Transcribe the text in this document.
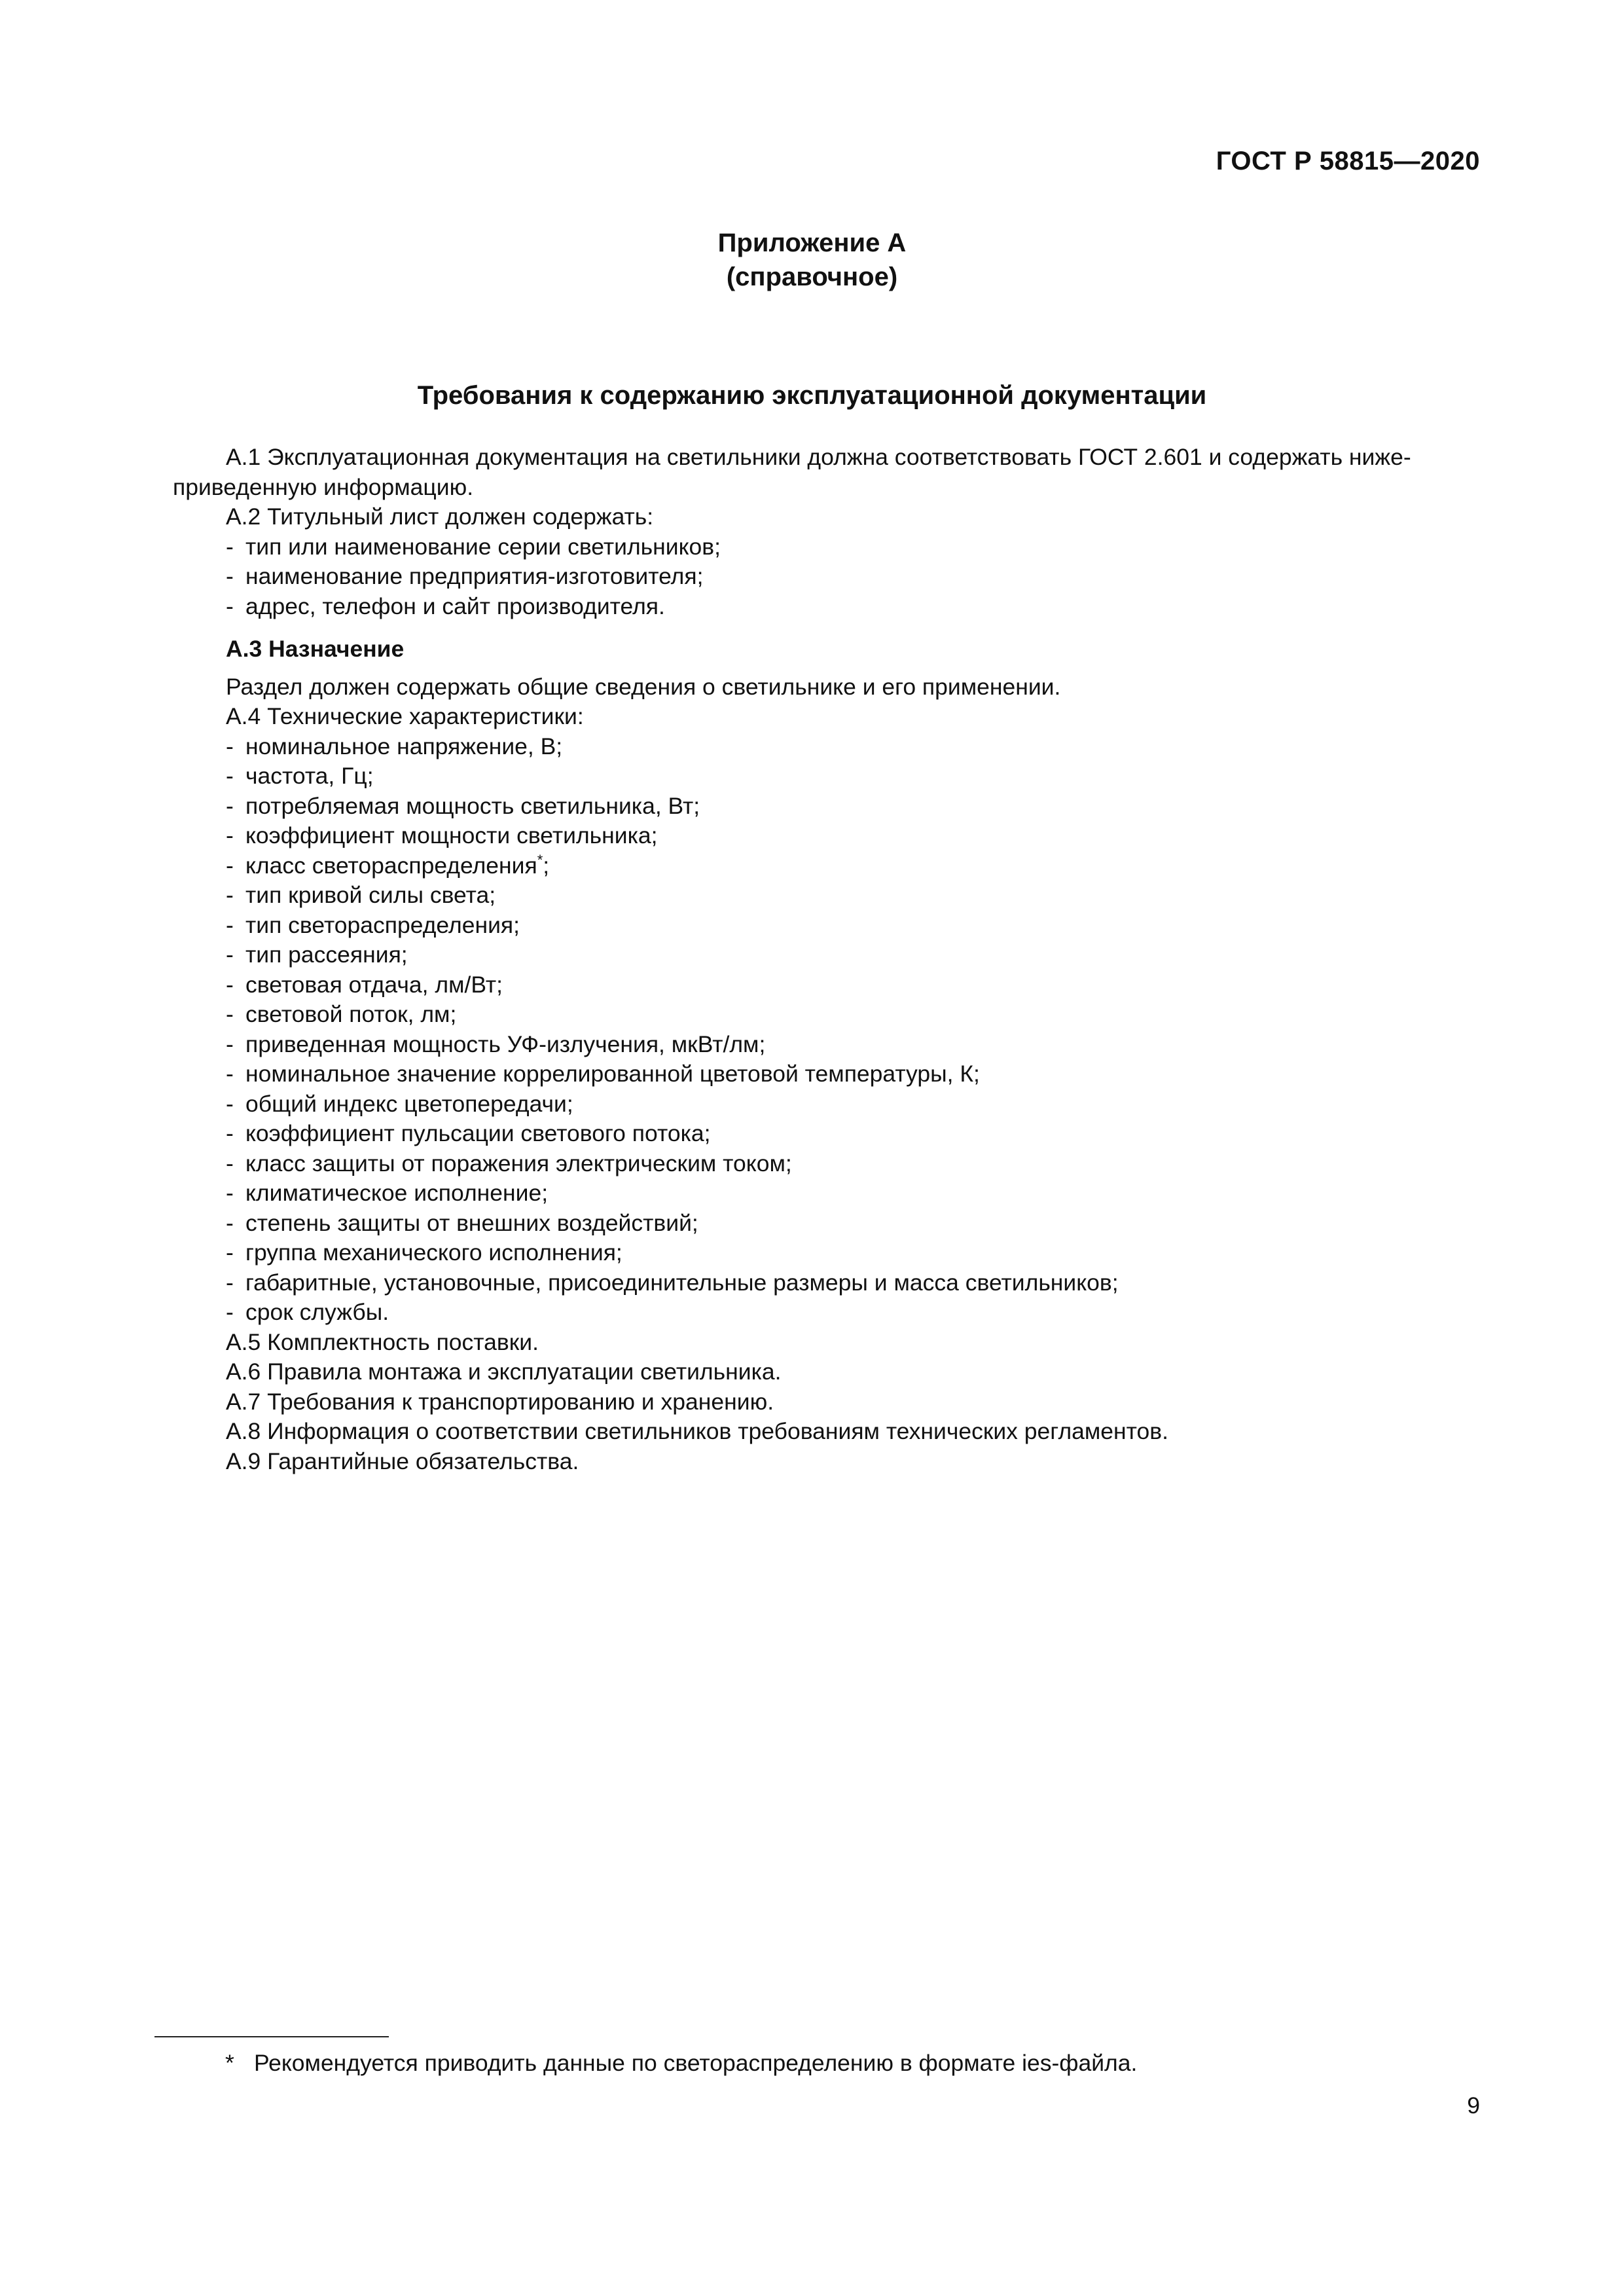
ГОСТ Р 58815—2020
Приложение А
(справочное)
Требования к содержанию эксплуатационной документации

А.1 Эксплуатационная документация на светильники должна соответствовать ГОСТ 2.601 и содержать ниже-приведенную информацию.

А.2 Титульный лист должен содержать:

- тип или наименование серии светильников;

- наименование предприятия-изготовителя;

- адрес, телефон и сайт производителя.

А.3 Назначение

Раздел должен содержать общие сведения о светильнике и его применении.

А.4 Технические характеристики:

- номинальное напряжение, В;

- частота, Гц;

- потребляемая мощность светильника, Вт;

- коэффициент мощности светильника;

- класс светораспределения*;

- тип кривой силы света;

- тип светораспределения;

- тип рассеяния;

- световая отдача, лм/Вт;

- световой поток, лм;

- приведенная мощность УФ-излучения, мкВт/лм;

- номинальное значение коррелированной цветовой температуры, К;

- общий индекс цветопередачи;

- коэффициент пульсации светового потока;

- класс защиты от поражения электрическим током;

- климатическое исполнение;

- степень защиты от внешних воздействий;

- группа механического исполнения;

- габаритные, установочные, присоединительные размеры и масса светильников;

- срок службы.

А.5 Комплектность поставки.

А.6 Правила монтажа и эксплуатации светильника.

А.7 Требования к транспортированию и хранению.

А.8 Информация о соответствии светильников требованиям технических регламентов.

А.9 Гарантийные обязательства.

* Рекомендуется приводить данные по светораспределению в формате ies-файла.
9
